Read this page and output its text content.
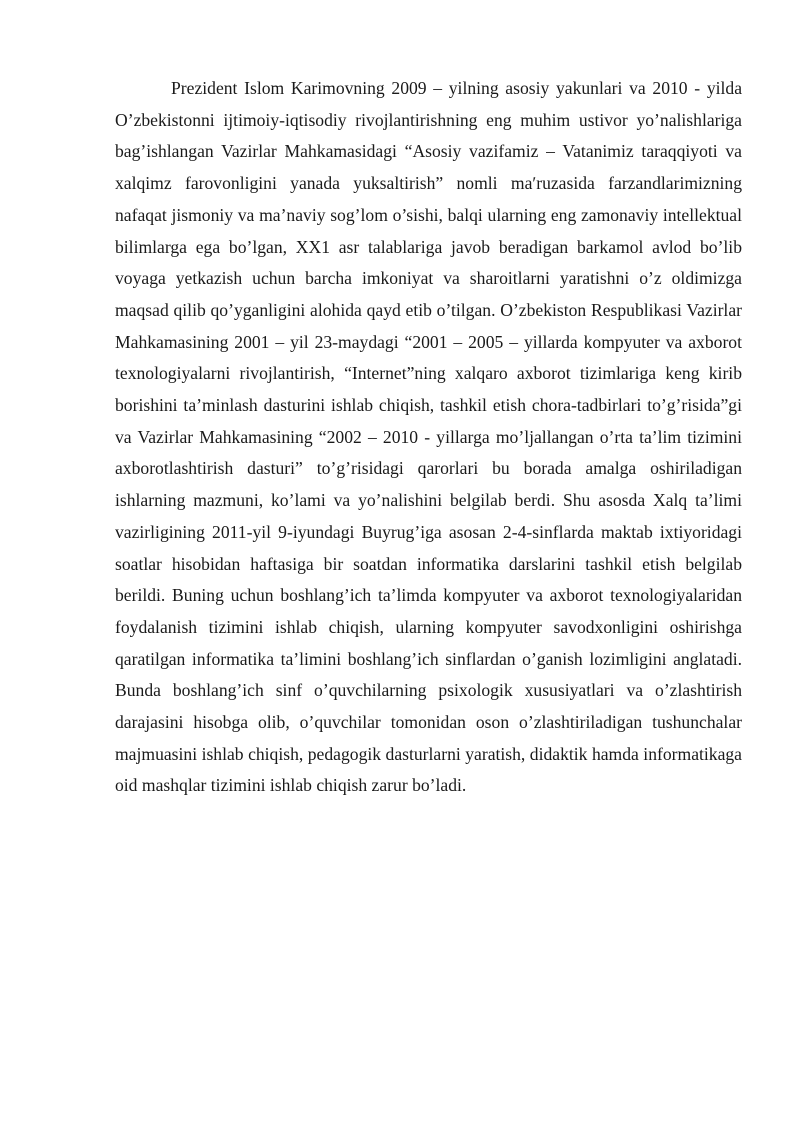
Prezident Islom Karimovning 2009 – yilning asosiy yakunlari va 2010 - yilda O’zbekistonni ijtimoiy-iqtisodiy rivojlantirishning eng muhim ustivor yo’nalishlariga bag’ishlangan Vazirlar Mahkamasidagi “Asosiy vazifamiz – Vatanimiz taraqqiyoti va xalqimz farovonligini yanada yuksaltirish” nomli maʹruzasida farzandlarimizning nafaqat jismoniy va ma’naviy sog’lom o’sishi, balqi ularning eng zamonaviy intellektual bilimlarga ega bo’lgan, XX1 asr talablariga javob beradigan barkamol avlod bo’lib voyaga yetkazish uchun barcha imkoniyat va sharoitlarni yaratishni o’z oldimizga maqsad qilib qo’yganligini alohida qayd etib o’tilgan. O’zbekiston Respublikasi Vazirlar Mahkamasining 2001 – yil 23-maydagi “2001 – 2005 – yillarda kompyuter va axborot texnologiyalarni rivojlantirish, “Internet”ning xalqaro axborot tizimlariga keng kirib borishini ta’minlash dasturini ishlab chiqish, tashkil etish chora-tadbirlari to’g’risida”gi va Vazirlar Mahkamasining “2002 – 2010 - yillarga mo’ljallangan o’rta ta’lim tizimini axborotlashtirish dasturi” to’g’risidagi qarorlari bu borada amalga oshiriladigan ishlarning mazmuni, ko’lami va yo’nalishini belgilab berdi. Shu asosda Xalq ta’limi vazirligining 2011-yil 9-iyundagi Buyrug’iga asosan 2-4-sinflarda maktab ixtiyoridagi soatlar hisobidan haftasiga bir soatdan informatika darslarini tashkil etish belgilab berildi. Buning uchun boshlang’ich ta’limda kompyuter va axborot texnologiyalaridan foydalanish tizimini ishlab chiqish, ularning kompyuter savodxonligini oshirishga qaratilgan informatika ta’limini boshlang’ich sinflardan o’ganish lozimligini anglatadi. Bunda boshlang’ich sinf o’quvchilarning psixologik xususiyatlari va o’zlashtirish darajasini hisobga olib, o’quvchilar tomonidan oson o’zlashtiriladigan tushunchalar majmuasini ishlab chiqish, pedagogik dasturlarni yaratish, didaktik hamda informatikaga oid mashqlar tizimini ishlab chiqish zarur bo’ladi.
